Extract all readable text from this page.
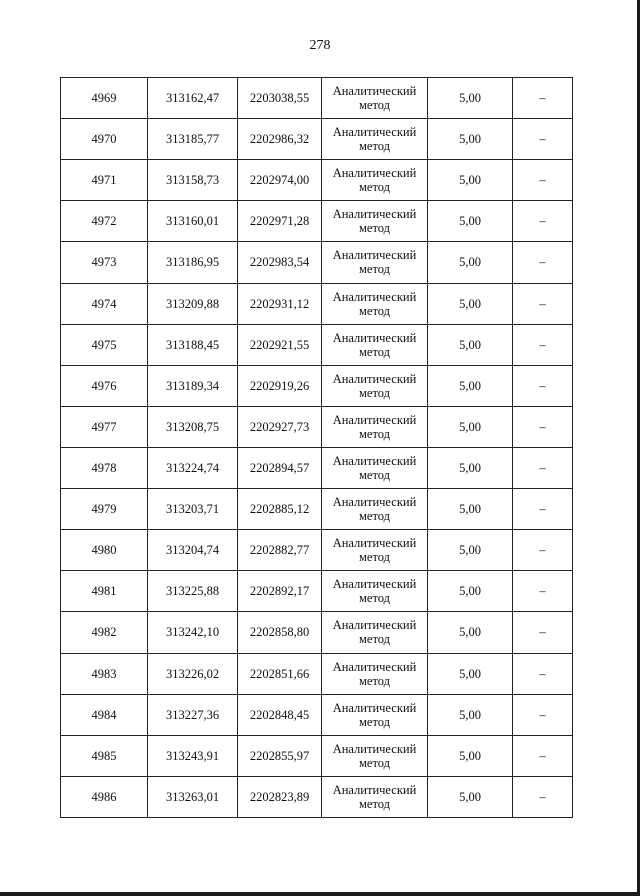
278
4969	313162,47	2203038,55	Аналитический метод	5,00	–
4970	313185,77	2202986,32	Аналитический метод	5,00	–
4971	313158,73	2202974,00	Аналитический метод	5,00	–
4972	313160,01	2202971,28	Аналитический метод	5,00	–
4973	313186,95	2202983,54	Аналитический метод	5,00	–
4974	313209,88	2202931,12	Аналитический метод	5,00	–
4975	313188,45	2202921,55	Аналитический метод	5,00	–
4976	313189,34	2202919,26	Аналитический метод	5,00	–
4977	313208,75	2202927,73	Аналитический метод	5,00	–
4978	313224,74	2202894,57	Аналитический метод	5,00	–
4979	313203,71	2202885,12	Аналитический метод	5,00	–
4980	313204,74	2202882,77	Аналитический метод	5,00	–
4981	313225,88	2202892,17	Аналитический метод	5,00	–
4982	313242,10	2202858,80	Аналитический метод	5,00	–
4983	313226,02	2202851,66	Аналитический метод	5,00	–
4984	313227,36	2202848,45	Аналитический метод	5,00	–
4985	313243,91	2202855,97	Аналитический метод	5,00	–
4986	313263,01	2202823,89	Аналитический метод	5,00	–
